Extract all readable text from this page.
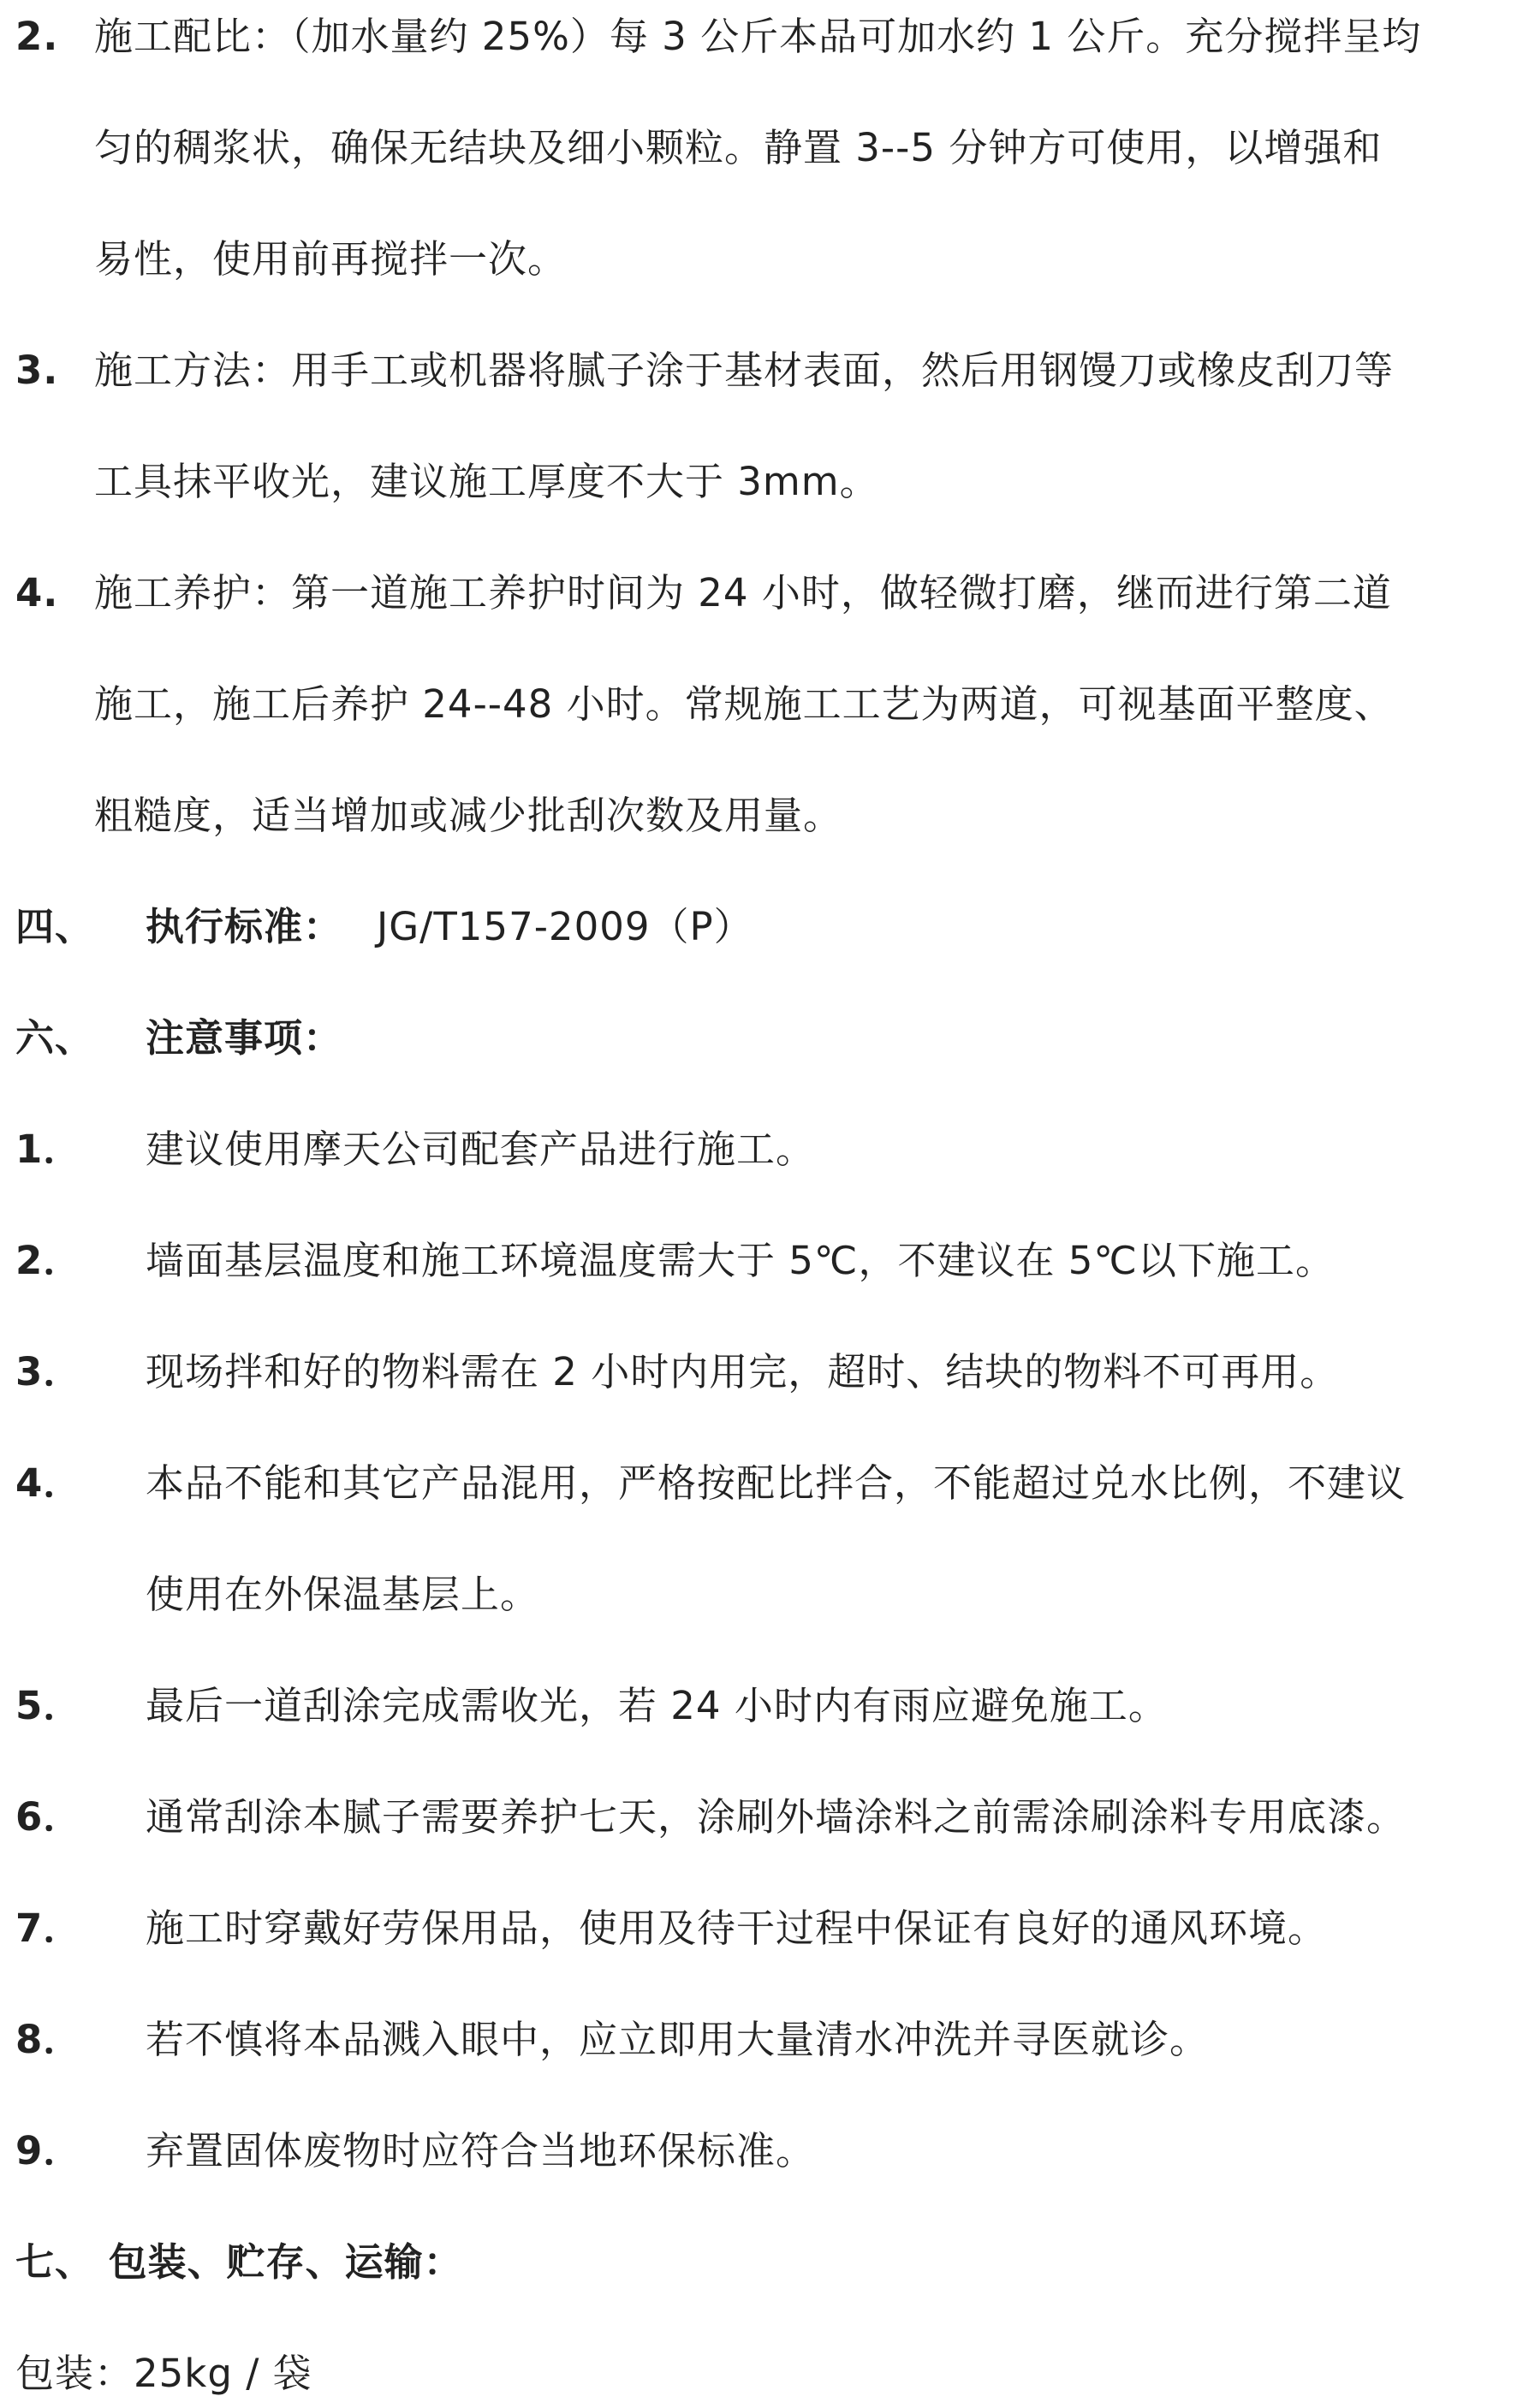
2. 施工配比：（加水量约 25%）每 3 公斤本品可加水约 1 公斤。充分搅拌呈均
匀的稠浆状，确保无结块及细小颗粒。静置 3--5 分钟方可使用，以增强和
易性，使用前再搅拌一次。
3. 施工方法：用手工或机器将腻子涂于基材表面，然后用钢馒刀或橡皮刮刀等
工具抹平收光，建议施工厚度不大于 3mm。
4. 施工养护：第一道施工养护时间为 24 小时，做轻微打磨，继而进行第二道
施工，施工后养护 24--48 小时。常规施工工艺为两道，可视基面平整度、
粗糙度，适当增加或减少批刮次数及用量。
四、 执行标准： JG/T157-2009（P）
六、 注意事项：
1． 建议使用摩天公司配套产品进行施工。
2． 墙面基层温度和施工环境温度需大于 5℃，不建议在 5℃以下施工。
3． 现场拌和好的物料需在 2 小时内用完，超时、结块的物料不可再用。
4． 本品不能和其它产品混用，严格按配比拌合，不能超过兑水比例，不建议
使用在外保温基层上。
5． 最后一道刮涂完成需收光，若 24 小时内有雨应避免施工。
6． 通常刮涂本腻子需要养护七天，涂刷外墙涂料之前需涂刷涂料专用底漆。
7． 施工时穿戴好劳保用品，使用及待干过程中保证有良好的通风环境。
8． 若不慎将本品溅入眼中，应立即用大量清水冲洗并寻医就诊。
9． 弃置固体废物时应符合当地环保标准。
七、 包装、贮存、运输：
包装：25kg / 袋
